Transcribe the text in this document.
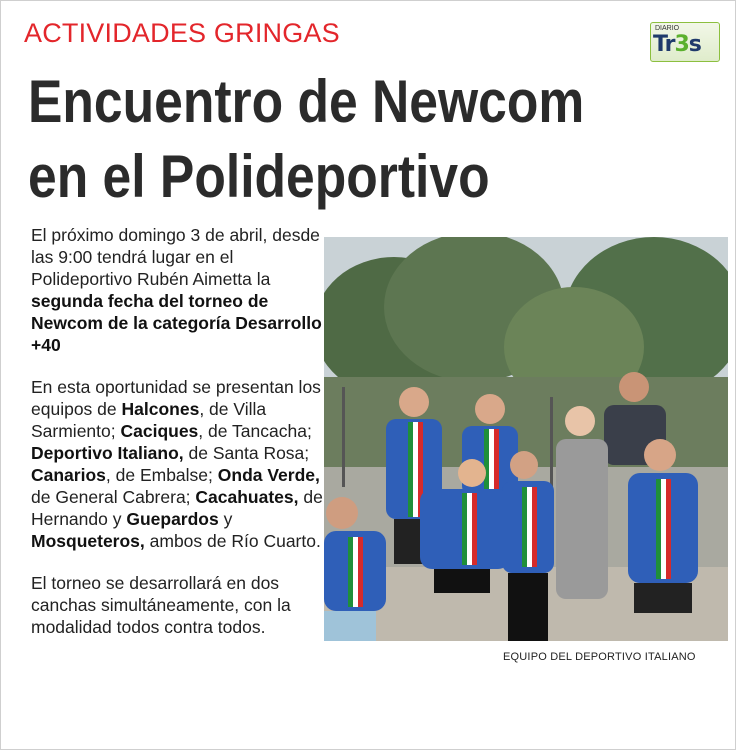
ACTIVIDADES GRINGAS	DIARIO
Tr3s
Encuentro de Newcom
en el Polideportivo

El próximo domingo 3 de abril, desde las 9:00 tendrá lugar en el Polideportivo Rubén Aimetta la segunda fecha del torneo de Newcom de la categoría Desarrollo +40

En esta oportunidad se presentan los equipos de Halcones, de Villa Sarmiento; Caciques, de Tancacha; Deportivo Italiano, de Santa Rosa; Canarios, de Embalse; Onda Verde, de General Cabrera; Cacahuates, de Hernando y Guepardos y Mosqueteros, ambos de Río Cuarto.

El torneo se desarrollará en dos canchas simultáneamente, con la modalidad todos contra todos.

EQUIPO DEL DEPORTIVO ITALIANO
